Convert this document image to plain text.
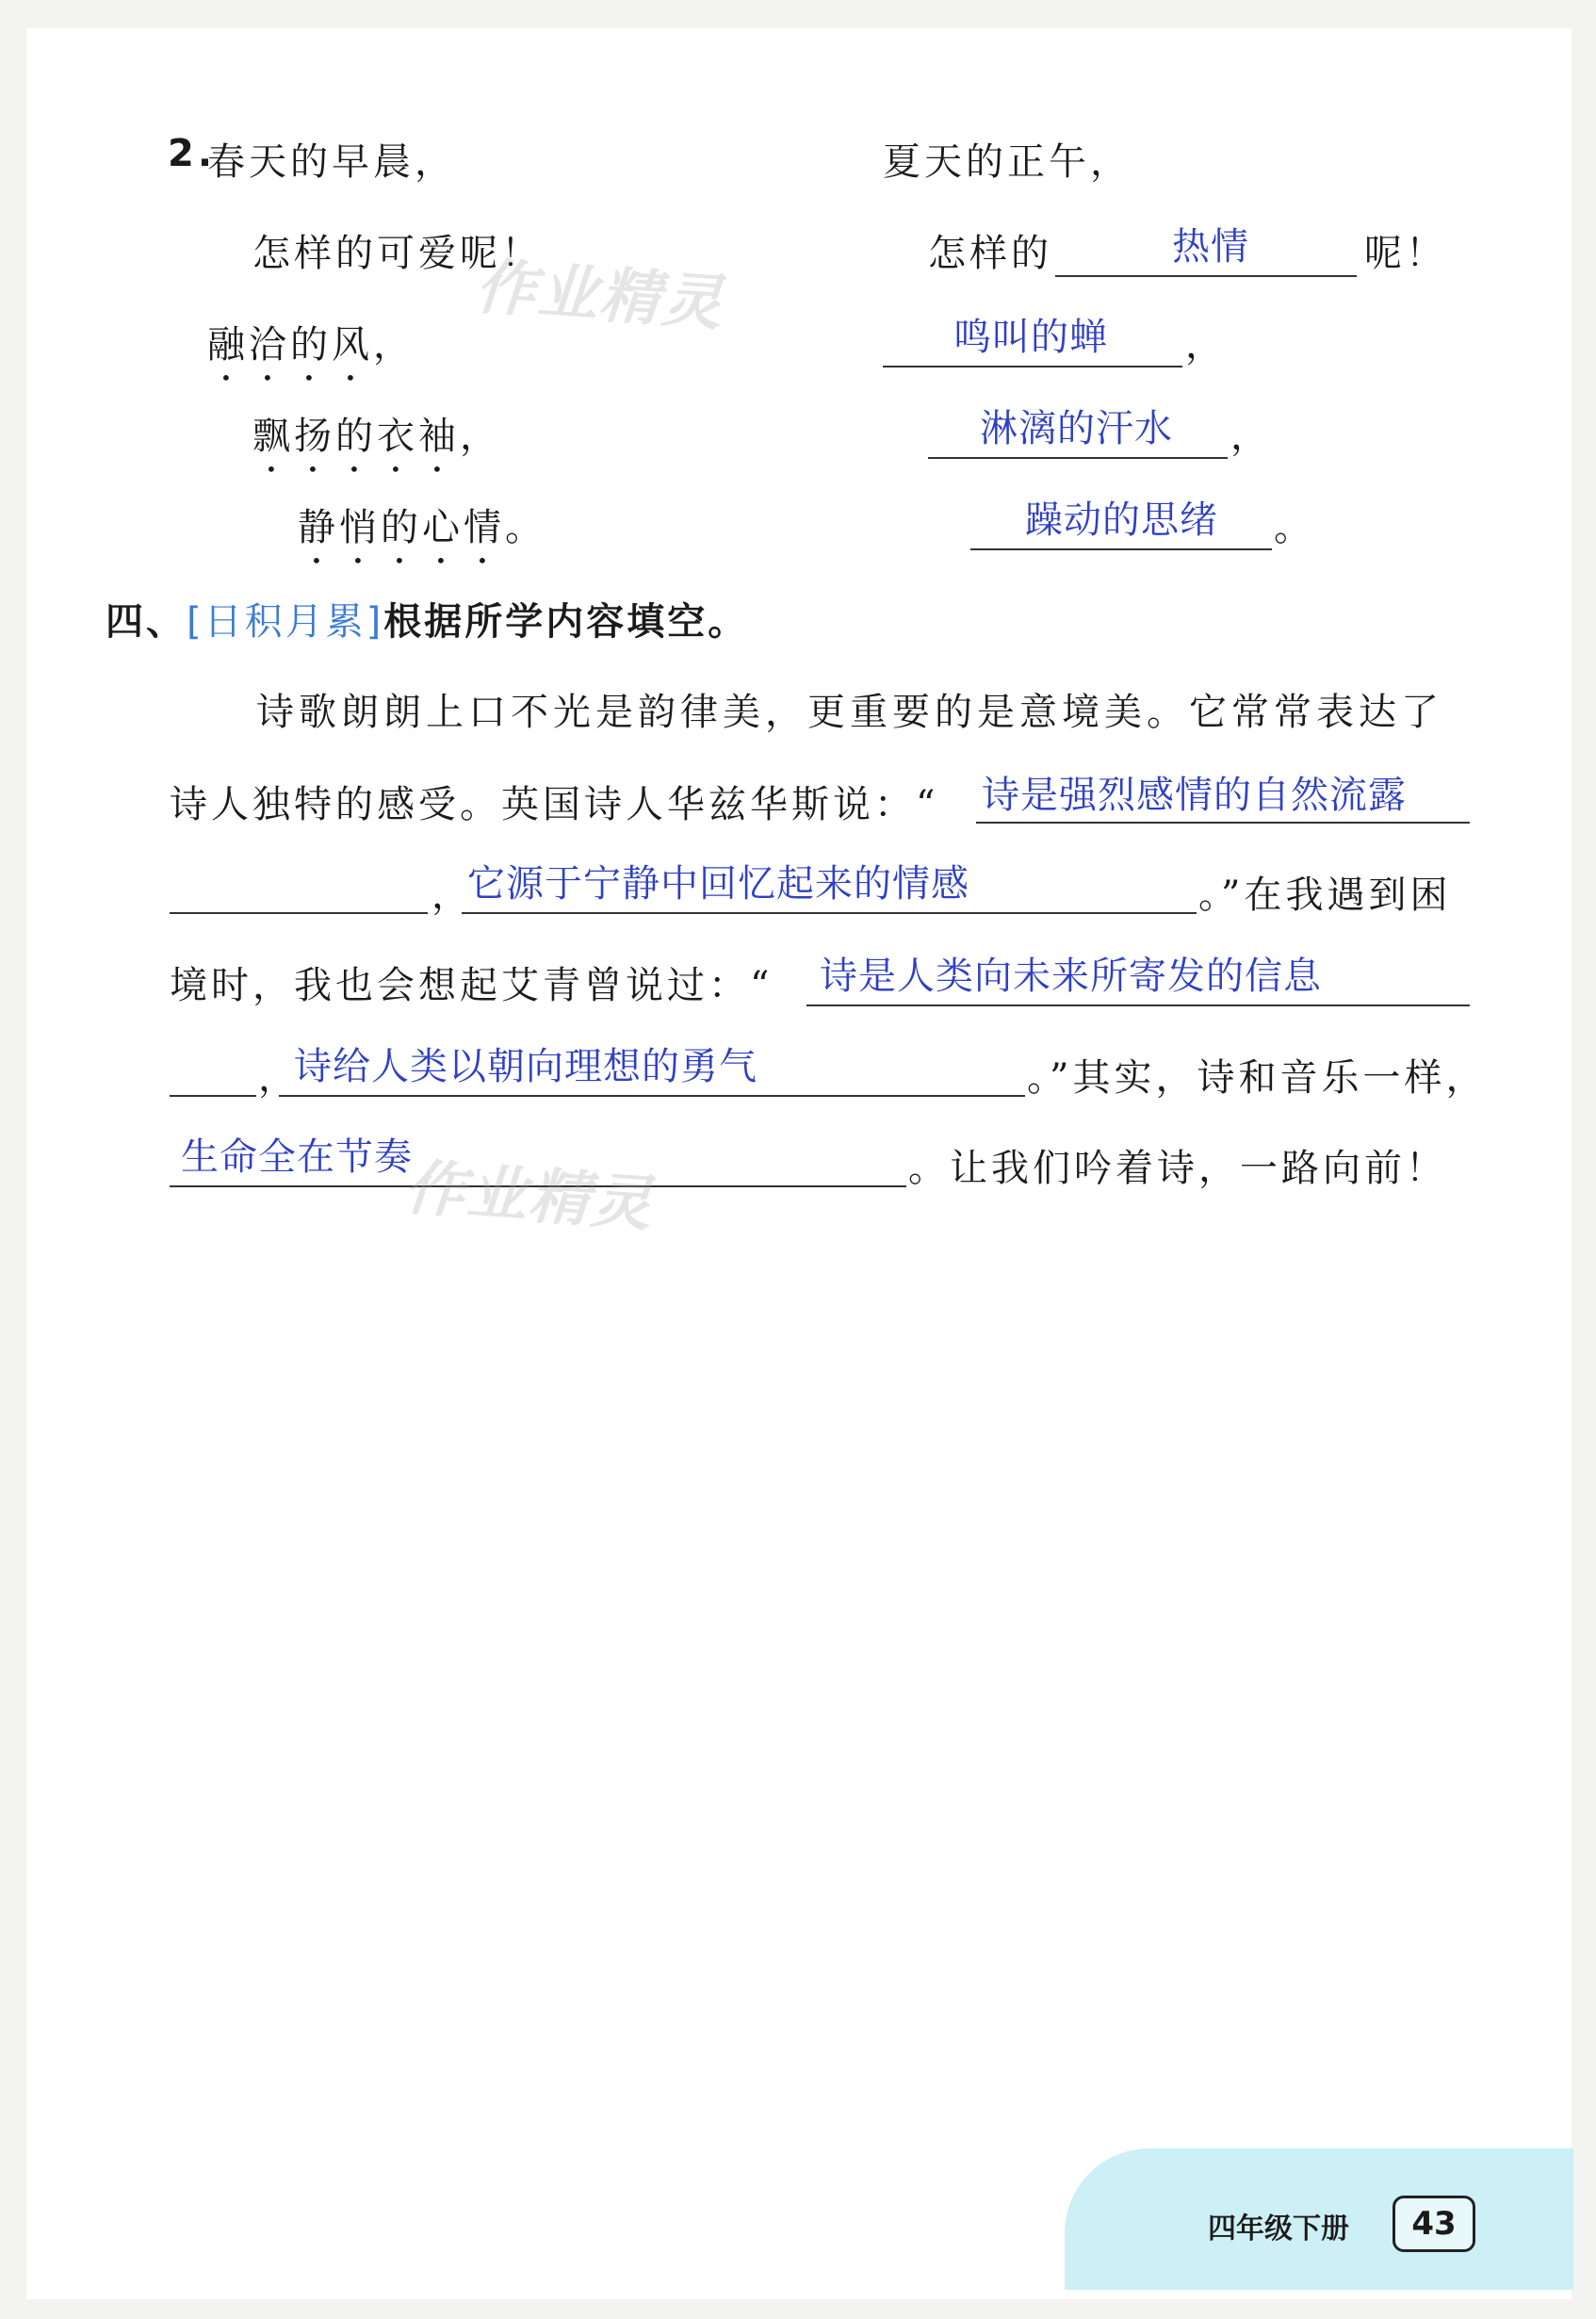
2.
春天的早晨，
怎样的可爱呢！
融洽的风，
飘扬的衣袖，
静悄的心情。
夏天的正午，
怎样的	热情	呢！
鸣叫的蝉 ，
淋漓的汗水 ，
躁动的思绪 。
四、[日积月累]根据所学内容填空。
诗歌朗朗上口不光是韵律美，更重要的是意境美。它常常表达了
诗人独特的感受。英国诗人华兹华斯说：“ 诗是强烈感情的自然流露
，
它源于宁静中回忆起来的情感	。”在我遇到困
境时，我也会想起艾青曾说过：“ 诗是人类向未来所寄发的信息
，
诗给人类以朝向理想的勇气	。”其实，诗和音乐一样，
生命全在节奏	。让我们吟着诗，一路向前！
作业精灵
作业精灵
四年级下册	43
